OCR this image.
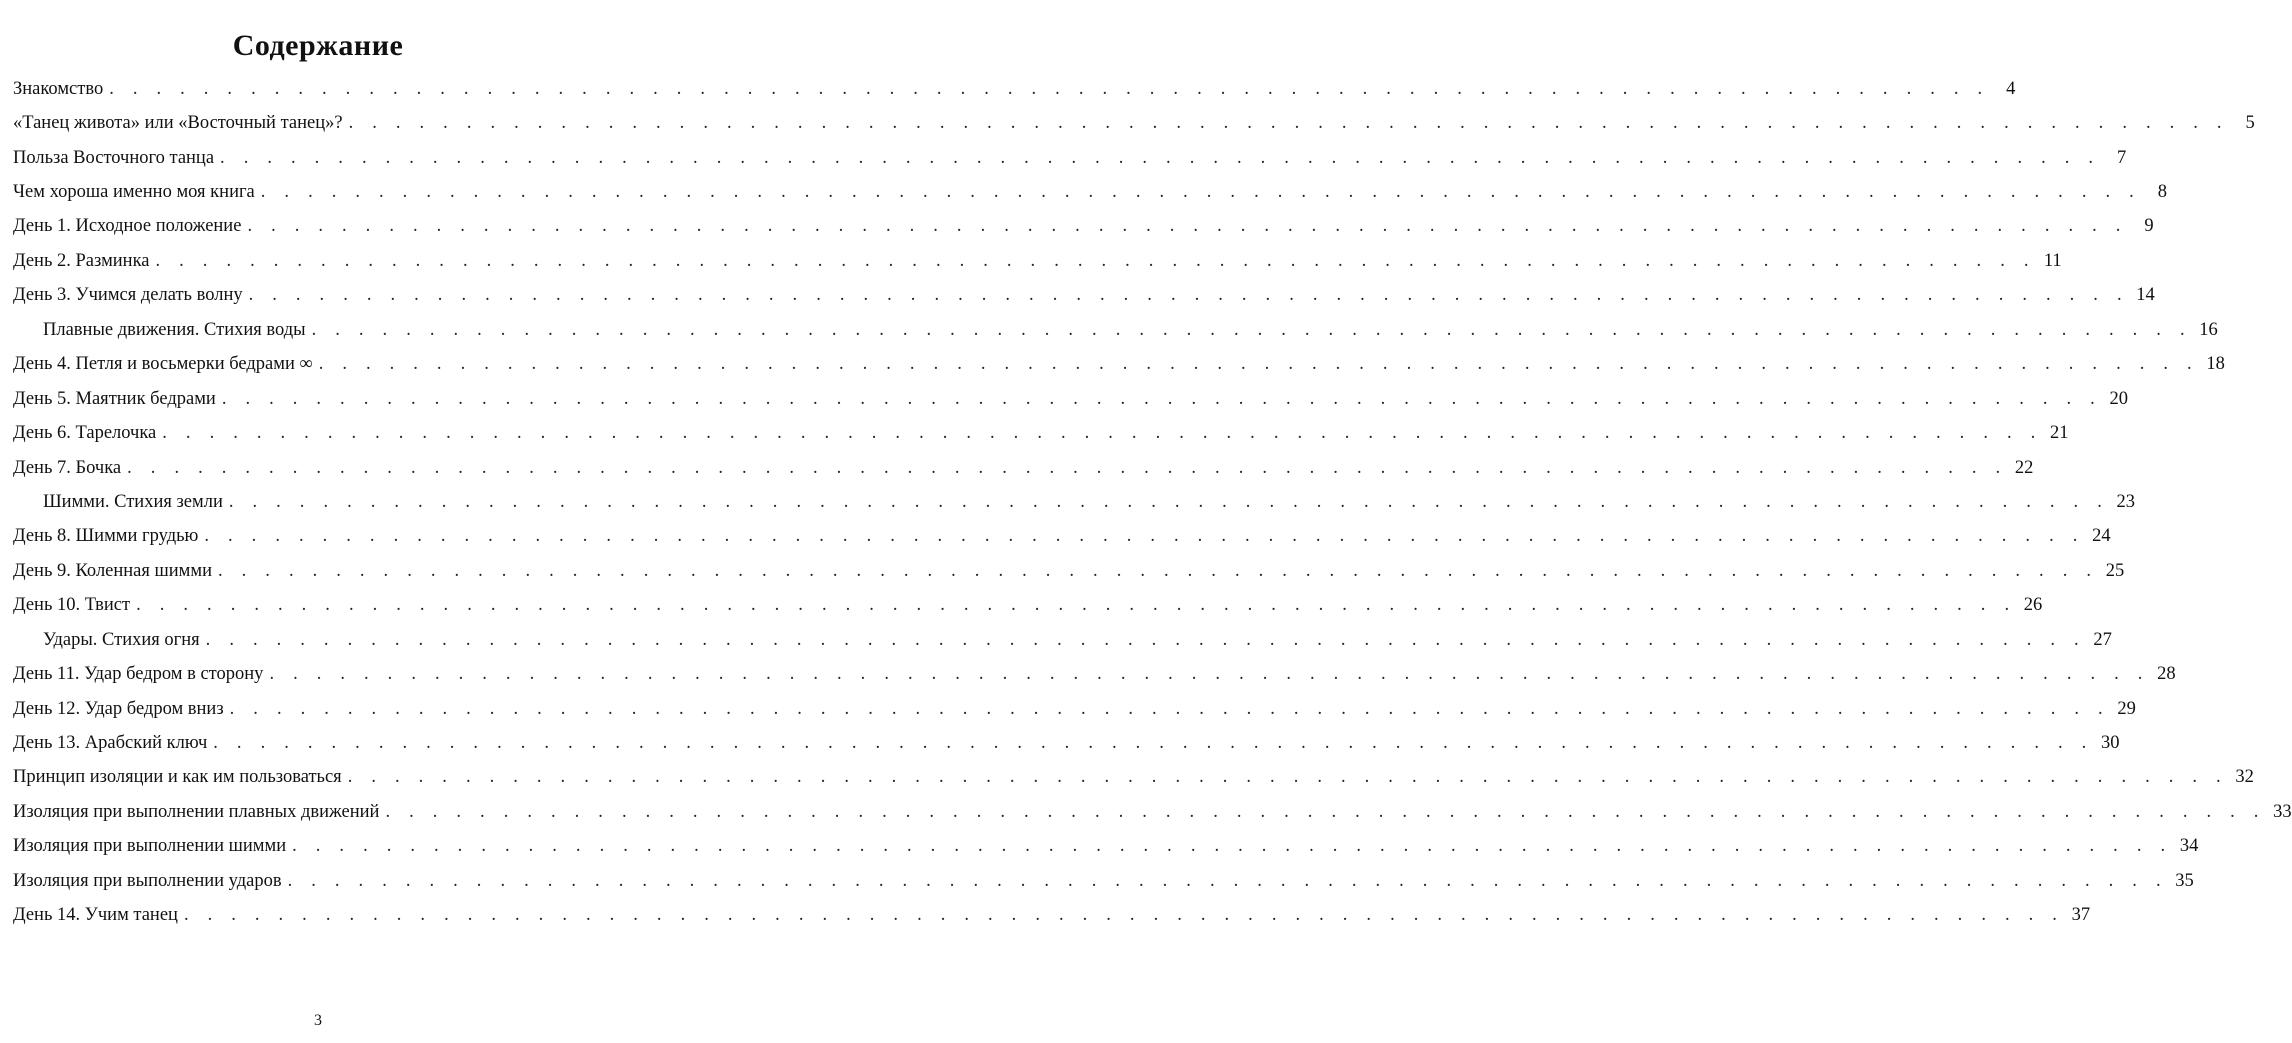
Содержание
Знакомство . . . . . . . . . . . . . . . . . . . . . . . . . . . . . . . . . . . . . . . . . . . . . . . . . . . . . . . . . . . . . . . . . . . . . . . . . . . . . . . . 4
«Танец живота» или «Восточный танец»? . . . . . . . . . . . . . . . . . . . . . . . . . . . . . . . . . . . . . . . . . . . . . . . . . . . . . . . . . . . . . . . . . . . . . . . . . . . . . . . . 5
Польза Восточного танца . . . . . . . . . . . . . . . . . . . . . . . . . . . . . . . . . . . . . . . . . . . . . . . . . . . . . . . . . . . . . . . . . . . . . . . . . . . . . . . . 7
Чем хороша именно моя книга . . . . . . . . . . . . . . . . . . . . . . . . . . . . . . . . . . . . . . . . . . . . . . . . . . . . . . . . . . . . . . . . . . . . . . . . . . . . . . . . 8
День 1. Исходное положение . . . . . . . . . . . . . . . . . . . . . . . . . . . . . . . . . . . . . . . . . . . . . . . . . . . . . . . . . . . . . . . . . . . . . . . . . . . . . . . . 9
День 2. Разминка . . . . . . . . . . . . . . . . . . . . . . . . . . . . . . . . . . . . . . . . . . . . . . . . . . . . . . . . . . . . . . . . . . . . . . . . . . . . . . . . 11
День 3. Учимся делать волну . . . . . . . . . . . . . . . . . . . . . . . . . . . . . . . . . . . . . . . . . . . . . . . . . . . . . . . . . . . . . . . . . . . . . . . . . . . . . . . . 14
Плавные движения. Стихия воды . . . . . . . . . . . . . . . . . . . . . . . . . . . . . . . . . . . . . . . . . . . . . . . . . . . . . . . . . . . . . . . . . . . . . . . . . . . . . . . . 16
День 4. Петля и восьмерки бедрами ∞ . . . . . . . . . . . . . . . . . . . . . . . . . . . . . . . . . . . . . . . . . . . . . . . . . . . . . . . . . . . . . . . . . . . . . . . . . . . . . . . . 18
День 5. Маятник бедрами . . . . . . . . . . . . . . . . . . . . . . . . . . . . . . . . . . . . . . . . . . . . . . . . . . . . . . . . . . . . . . . . . . . . . . . . . . . . . . . . 20
День 6. Тарелочка . . . . . . . . . . . . . . . . . . . . . . . . . . . . . . . . . . . . . . . . . . . . . . . . . . . . . . . . . . . . . . . . . . . . . . . . . . . . . . . . 21
День 7. Бочка . . . . . . . . . . . . . . . . . . . . . . . . . . . . . . . . . . . . . . . . . . . . . . . . . . . . . . . . . . . . . . . . . . . . . . . . . . . . . . . . 22
Шимми. Стихия земли . . . . . . . . . . . . . . . . . . . . . . . . . . . . . . . . . . . . . . . . . . . . . . . . . . . . . . . . . . . . . . . . . . . . . . . . . . . . . . . . 23
День 8. Шимми грудью . . . . . . . . . . . . . . . . . . . . . . . . . . . . . . . . . . . . . . . . . . . . . . . . . . . . . . . . . . . . . . . . . . . . . . . . . . . . . . . . 24
День 9. Коленная шимми . . . . . . . . . . . . . . . . . . . . . . . . . . . . . . . . . . . . . . . . . . . . . . . . . . . . . . . . . . . . . . . . . . . . . . . . . . . . . . . . 25
День 10. Твист . . . . . . . . . . . . . . . . . . . . . . . . . . . . . . . . . . . . . . . . . . . . . . . . . . . . . . . . . . . . . . . . . . . . . . . . . . . . . . . . 26
Удары. Стихия огня . . . . . . . . . . . . . . . . . . . . . . . . . . . . . . . . . . . . . . . . . . . . . . . . . . . . . . . . . . . . . . . . . . . . . . . . . . . . . . . . 27
День 11. Удар бедром в сторону . . . . . . . . . . . . . . . . . . . . . . . . . . . . . . . . . . . . . . . . . . . . . . . . . . . . . . . . . . . . . . . . . . . . . . . . . . . . . . . . 28
День 12. Удар бедром вниз . . . . . . . . . . . . . . . . . . . . . . . . . . . . . . . . . . . . . . . . . . . . . . . . . . . . . . . . . . . . . . . . . . . . . . . . . . . . . . . . 29
День 13. Арабский ключ . . . . . . . . . . . . . . . . . . . . . . . . . . . . . . . . . . . . . . . . . . . . . . . . . . . . . . . . . . . . . . . . . . . . . . . . . . . . . . . . 30
Принцип изоляции и как им пользоваться . . . . . . . . . . . . . . . . . . . . . . . . . . . . . . . . . . . . . . . . . . . . . . . . . . . . . . . . . . . . . . . . . . . . . . . . . . . . . . . . 32
Изоляция при выполнении плавных движений . . . . . . . . . . . . . . . . . . . . . . . . . . . . . . . . . . . . . . . . . . . . . . . . . . . . . . . . . . . . . . . . . . . . . . . . . . . . . . . . 33
Изоляция при выполнении шимми . . . . . . . . . . . . . . . . . . . . . . . . . . . . . . . . . . . . . . . . . . . . . . . . . . . . . . . . . . . . . . . . . . . . . . . . . . . . . . . . 34
Изоляция при выполнении ударов . . . . . . . . . . . . . . . . . . . . . . . . . . . . . . . . . . . . . . . . . . . . . . . . . . . . . . . . . . . . . . . . . . . . . . . . . . . . . . . . 35
День 14. Учим танец . . . . . . . . . . . . . . . . . . . . . . . . . . . . . . . . . . . . . . . . . . . . . . . . . . . . . . . . . . . . . . . . . . . . . . . . . . . . . . . . 37
3
